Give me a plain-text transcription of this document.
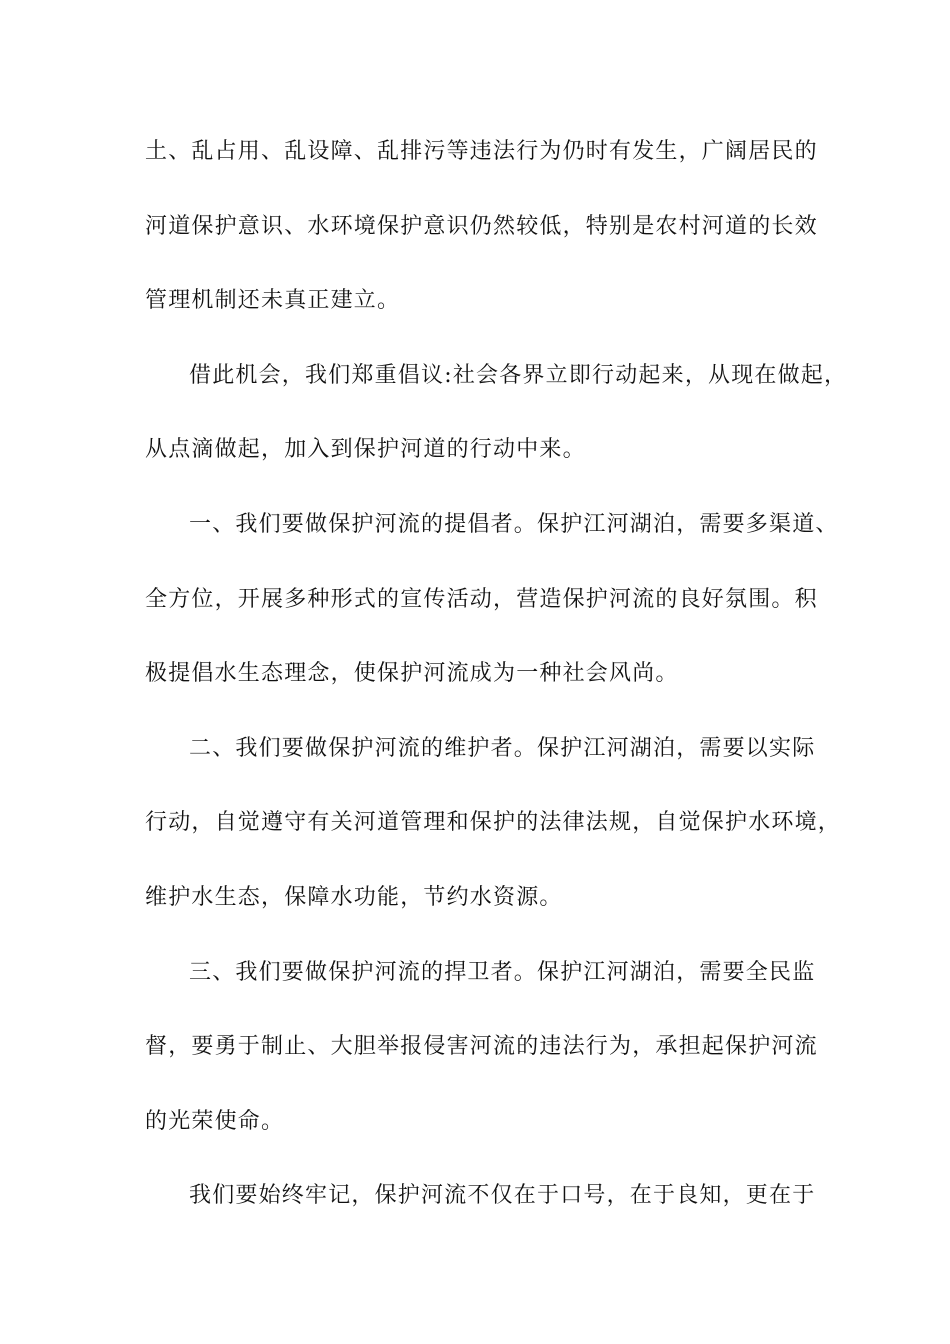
土、乱占用、乱设障、乱排污等违法行为仍时有发生，广阔居民的
河道保护意识、水环境保护意识仍然较低，特别是农村河道的长效
管理机制还未真正建立。
借此机会，我们郑重倡议:社会各界立即行动起来，从现在做起，
从点滴做起，加入到保护河道的行动中来。
一、我们要做保护河流的提倡者。保护江河湖泊，需要多渠道、
全方位，开展多种形式的宣传活动，营造保护河流的良好氛围。积
极提倡水生态理念，使保护河流成为一种社会风尚。
二、我们要做保护河流的维护者。保护江河湖泊，需要以实际
行动，自觉遵守有关河道管理和保护的法律法规，自觉保护水环境，
维护水生态，保障水功能，节约水资源。
三、我们要做保护河流的捍卫者。保护江河湖泊，需要全民监
督，要勇于制止、大胆举报侵害河流的违法行为，承担起保护河流
的光荣使命。
我们要始终牢记，保护河流不仅在于口号，在于良知，更在于
